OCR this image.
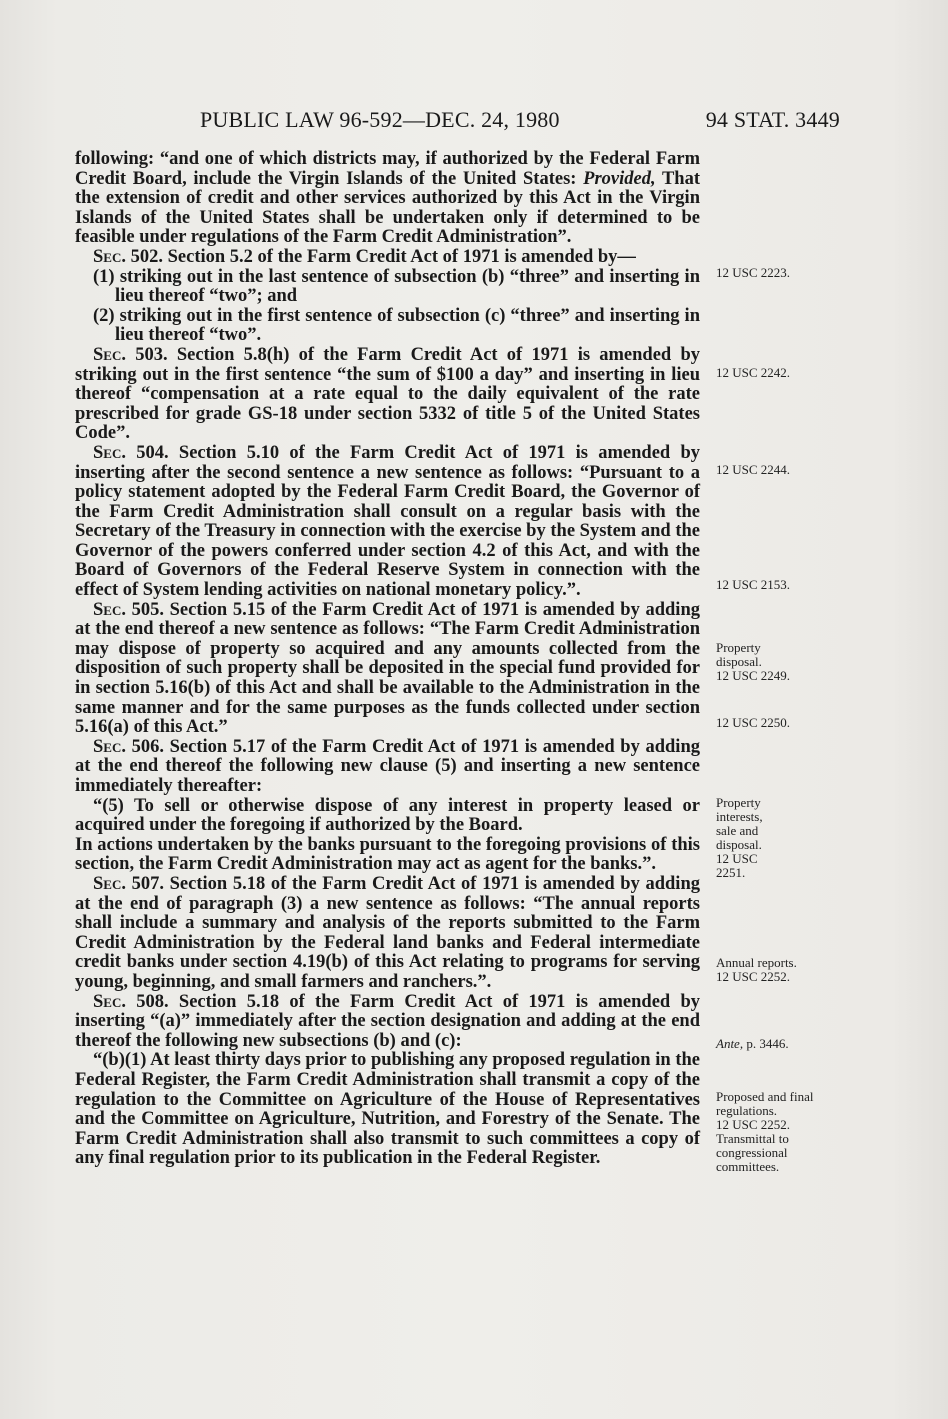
PUBLIC LAW 96-592—DEC. 24, 1980	94 STAT. 3449

following: “and one of which districts may, if authorized by the Federal Farm Credit Board, include the Virgin Islands of the United States: Provided, That the extension of credit and other services authorized by this Act in the Virgin Islands of the United States shall be undertaken only if determined to be feasible under regulations of the Farm Credit Administration”.

Sec. 502. Section 5.2 of the Farm Credit Act of 1971 is amended by—

(1) striking out in the last sentence of subsection (b) “three” and inserting in lieu thereof “two”; and

(2) striking out in the first sentence of subsection (c) “three” and inserting in lieu thereof “two”.

Sec. 503. Section 5.8(h) of the Farm Credit Act of 1971 is amended by striking out in the first sentence “the sum of $100 a day” and inserting in lieu thereof “compensation at a rate equal to the daily equivalent of the rate prescribed for grade GS-18 under section 5332 of title 5 of the United States Code”.

Sec. 504. Section 5.10 of the Farm Credit Act of 1971 is amended by inserting after the second sentence a new sentence as follows: “Pursuant to a policy statement adopted by the Federal Farm Credit Board, the Governor of the Farm Credit Administration shall consult on a regular basis with the Secretary of the Treasury in connection with the exercise by the System and the Governor of the powers conferred under section 4.2 of this Act, and with the Board of Governors of the Federal Reserve System in connection with the effect of System lending activities on national monetary policy.”.

Sec. 505. Section 5.15 of the Farm Credit Act of 1971 is amended by adding at the end thereof a new sentence as follows: “The Farm Credit Administration may dispose of property so acquired and any amounts collected from the disposition of such property shall be deposited in the special fund provided for in section 5.16(b) of this Act and shall be available to the Administration in the same manner and for the same purposes as the funds collected under section 5.16(a) of this Act.”

Sec. 506. Section 5.17 of the Farm Credit Act of 1971 is amended by adding at the end thereof the following new clause (5) and inserting a new sentence immediately thereafter:

“(5) To sell or otherwise dispose of any interest in property leased or acquired under the foregoing if authorized by the Board.

In actions undertaken by the banks pursuant to the foregoing provisions of this section, the Farm Credit Administration may act as agent for the banks.”.

Sec. 507. Section 5.18 of the Farm Credit Act of 1971 is amended by adding at the end of paragraph (3) a new sentence as follows: “The annual reports shall include a summary and analysis of the reports submitted to the Farm Credit Administration by the Federal land banks and Federal intermediate credit banks under section 4.19(b) of this Act relating to programs for serving young, beginning, and small farmers and ranchers.”.

Sec. 508. Section 5.18 of the Farm Credit Act of 1971 is amended by inserting “(a)” immediately after the section designation and adding at the end thereof the following new subsections (b) and (c):

“(b)(1) At least thirty days prior to publishing any proposed regulation in the Federal Register, the Farm Credit Administration shall transmit a copy of the regulation to the Committee on Agriculture of the House of Representatives and the Committee on Agriculture, Nutrition, and Forestry of the Senate. The Farm Credit Administration shall also transmit to such committees a copy of any final regulation prior to its publication in the Federal Register.

12 USC 2223.
12 USC 2242.
12 USC 2244.
12 USC 2153.
Property disposal.
12 USC 2249.
12 USC 2250.
Property interests, sale and disposal.
12 USC 2251.
Annual reports.
12 USC 2252.
Ante, p. 3446.
Proposed and final regulations.
12 USC 2252.
Transmittal to congressional committees.
